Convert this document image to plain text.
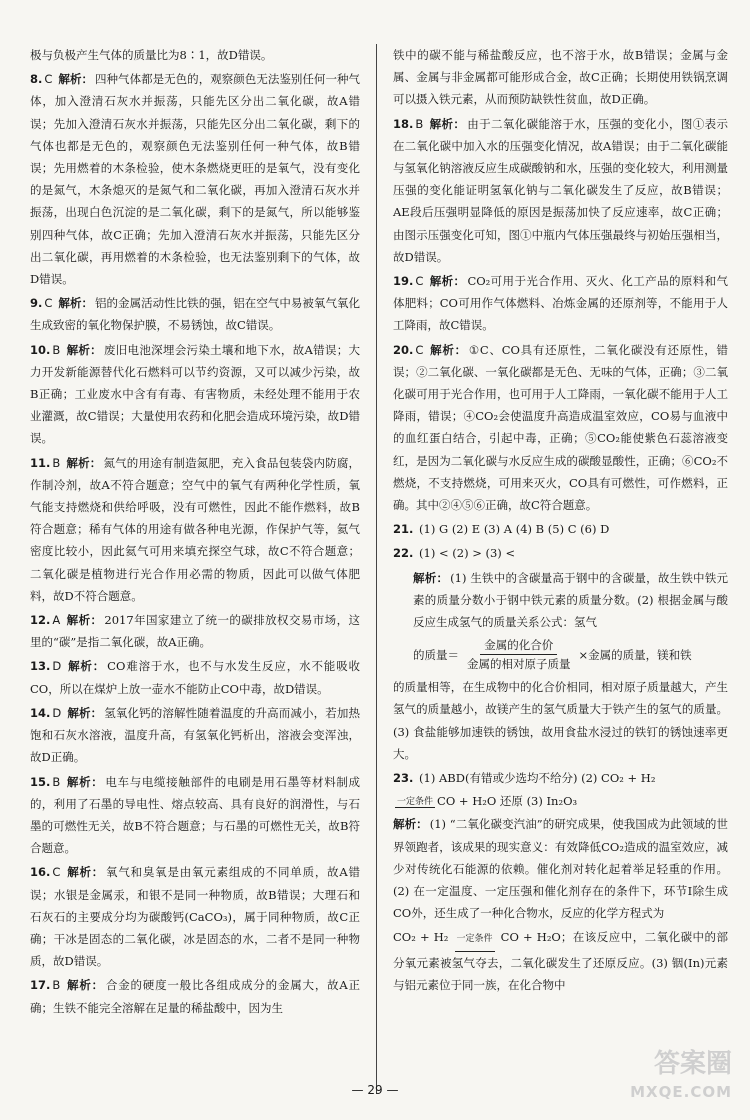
极与负极产生气体的质量比为8∶1，故D错误。

8. C 解析： 四种气体都是无色的，观察颜色无法鉴别任何一种气体，加入澄清石灰水并振荡，只能先区分出二氧化碳，故A错误；先加入澄清石灰水并振荡，只能先区分出二氧化碳，剩下的气体也都是无色的，观察颜色无法鉴别任何一种气体，故B错误；先用燃着的木条检验，使木条燃烧更旺的是氧气，没有变化的是氮气，木条熄灭的是氮气和二氧化碳，再加入澄清石灰水并振荡，出现白色沉淀的是二氧化碳，剩下的是氮气，所以能够鉴别四种气体，故C正确；先加入澄清石灰水并振荡，只能先区分出二氧化碳，再用燃着的木条检验，也无法鉴别剩下的气体，故D错误。

9. C 解析： 铝的金属活动性比铁的强，铝在空气中易被氧气氧化生成致密的氧化物保护膜，不易锈蚀，故C错误。

10. B 解析： 废旧电池深埋会污染土壤和地下水，故A错误；大力开发新能源替代化石燃料可以节约资源，又可以减少污染，故B正确；工业废水中含有有毒、有害物质，未经处理不能用于农业灌溉，故C错误；大量使用农药和化肥会造成环境污染，故D错误。

11. B 解析： 氮气的用途有制造氮肥，充入食品包装袋内防腐，作制冷剂，故A不符合题意；空气中的氧气有两种化学性质，氧气能支持燃烧和供给呼吸，没有可燃性，因此不能作燃料，故B符合题意；稀有气体的用途有做各种电光源，作保护气等，氦气密度比较小，因此氦气可用来填充探空气球，故C不符合题意；二氧化碳是植物进行光合作用必需的物质，因此可以做气体肥料，故D不符合题意。

12. A 解析： 2017年国家建立了统一的碳排放权交易市场，这里的“碳”是指二氧化碳，故A正确。

13. D 解析： CO难溶于水，也不与水发生反应，水不能吸收CO，所以在煤炉上放一壶水不能防止CO中毒，故D错误。

14. D 解析： 氢氧化钙的溶解性随着温度的升高而减小，若加热饱和石灰水溶液，温度升高，有氢氧化钙析出，溶液会变浑浊，故D正确。

15. B 解析： 电车与电缆接触部件的电刷是用石墨等材料制成的，利用了石墨的导电性、熔点较高、具有良好的润滑性，与石墨的可燃性无关，故B不符合题意；与石墨的可燃性无关，故B符合题意。

16. C 解析： 氧气和臭氧是由氧元素组成的不同单质，故A错误；水银是金属汞，和银不是同一种物质，故B错误；大理石和石灰石的主要成分均为碳酸钙(CaCO₃)，属于同种物质，故C正确；干冰是固态的二氧化碳，冰是固态的水，二者不是同一种物质，故D错误。

17. B 解析： 合金的硬度一般比各组成成分的金属大，故A正确；生铁不能完全溶解在足量的稀盐酸中，因为生

铁中的碳不能与稀盐酸反应，也不溶于水，故B错误；金属与金属、金属与非金属都可能形成合金，故C正确；长期使用铁锅烹调可以摄入铁元素，从而预防缺铁性贫血，故D正确。

18. B 解析： 由于二氧化碳能溶于水，压强的变化小，图①表示在二氧化碳中加入水的压强变化情况，故A错误；由于二氧化碳能与氢氧化钠溶液反应生成碳酸钠和水，压强的变化较大，利用测量压强的变化能证明氢氧化钠与二氧化碳发生了反应，故B错误；AE段后压强明显降低的原因是振荡加快了反应速率，故C正确；由图示压强变化可知，图①中瓶内气体压强最终与初始压强相当，故D错误。

19. C 解析： CO₂可用于光合作用、灭火、化工产品的原料和气体肥料；CO可用作气体燃料、冶炼金属的还原剂等，不能用于人工降雨，故C错误。

20. C 解析： ①C、CO具有还原性，二氧化碳没有还原性，错误；②二氧化碳、一氧化碳都是无色、无味的气体，正确；③二氧化碳可用于光合作用，也可用于人工降雨，一氧化碳不能用于人工降雨，错误；④CO₂会使温度升高造成温室效应，CO易与血液中的血红蛋白结合，引起中毒，正确；⑤CO₂能使紫色石蕊溶液变红，是因为二氧化碳与水反应生成的碳酸显酸性，正确；⑥CO₂不燃烧，不支持燃烧，可用来灭火，CO具有可燃性，可作燃料，正确。其中②④⑤⑥正确，故C符合题意。

21. (1) G (2) E (3) A (4) B (5) C (6) D

22. (1) < (2) > (3) <

解析： (1) 生铁中的含碳量高于钢中的含碳量，故生铁中铁元素的质量分数小于钢中铁元素的质量分数。(2) 根据金属与酸反应生成氢气的质量关系公式：氢气

的质量＝ $\frac{\text{金属的化合价}}{\text{金属的相对原子质量}}$ ×金属的质量，镁和铁

的质量相等，在生成物中的化合价相同，相对原子质量越大，产生氢气的质量越小，故镁产生的氢气质量大于铁产生的氢气的质量。(3) 食盐能够加速铁的锈蚀，故用食盐水浸过的铁钉的锈蚀速率更大。

23. (1) ABD(有错或少选均不给分) (2) CO₂ + H₂

一定条件 CO + H₂O 还原 (3) In₂O₃

解析： (1) “二氧化碳变汽油”的研究成果，使我国成为此领域的世界领跑者，该成果的现实意义：有效降低CO₂造成的温室效应，减少对传统化石能源的依赖。催化剂对转化起着举足轻重的作用。(2) 在一定温度、一定压强和催化剂存在的条件下，环节Ⅰ除生成CO外，还生成了一种化合物水，反应的化学方程式为

CO₂ + H₂ 一定条件 CO + H₂O；在该反应中，二氧化碳中的部分氧元素被氢气夺去，二氧化碳发生了还原反应。(3) 铟(In)元素与铝元素位于同一族，在化合物中

— 29 —
答案圈
MXQE.COM
